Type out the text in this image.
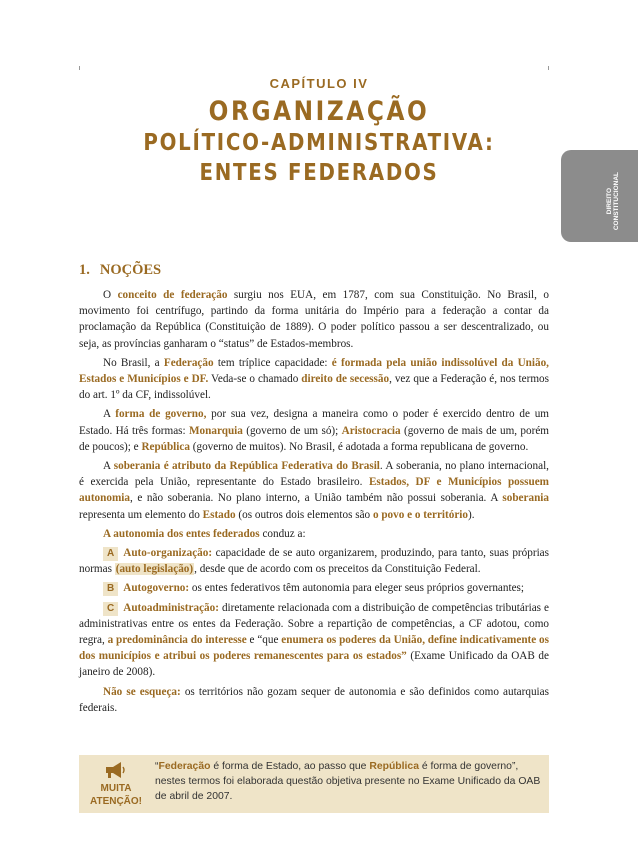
CAPÍTULO IV
ORGANIZAÇÃO
POLÍTICO-ADMINISTRATIVA:
ENTES FEDERADOS
DIREITO CONSTITUCIONAL
1. NOÇÕES

O conceito de federação surgiu nos EUA, em 1787, com sua Constituição. No Brasil, o movimento foi centrífugo, partindo da forma unitária do Império para a federação a contar da proclamação da República (Constituição de 1889). O poder político passou a ser descentralizado, ou seja, as províncias ganharam o “status” de Estados-membros.

No Brasil, a Federação tem tríplice capacidade: é formada pela união indissolúvel da União, Estados e Municípios e DF. Veda-se o chamado direito de secessão, vez que a Federação é, nos termos do art. 1º da CF, indissolúvel.

A forma de governo, por sua vez, designa a maneira como o poder é exercido dentro de um Estado. Há três formas: Monarquia (governo de um só); Aristocracia (governo de mais de um, porém de poucos); e República (governo de muitos). No Brasil, é adotada a forma republicana de governo.

A soberania é atributo da República Federativa do Brasil. A soberania, no plano internacional, é exercida pela União, representante do Estado brasileiro. Estados, DF e Municípios possuem autonomia, e não soberania. No plano interno, a União também não possui soberania. A soberania representa um elemento do Estado (os outros dois elementos são o povo e o território).

A autonomia dos entes federados conduz a:

A Auto-organização: capacidade de se auto organizarem, produzindo, para tanto, suas próprias normas (auto legislação), desde que de acordo com os preceitos da Constituição Federal.

B Autogoverno: os entes federativos têm autonomia para eleger seus próprios governantes;

C Autoadministração: diretamente relacionada com a distribuição de competências tributárias e administrativas entre os entes da Federação. Sobre a repartição de competências, a CF adotou, como regra, a predominância do interesse e “que enumera os poderes da União, define indicativamente os dos municípios e atribui os poderes remanescentes para os estados” (Exame Unificado da OAB de janeiro de 2008).

Não se esqueça: os territórios não gozam sequer de autonomia e são definidos como autarquias federais.

MUITA
ATENÇÃO!
“Federação é forma de Estado, ao passo que República é forma de governo”, nestes termos foi elaborada questão objetiva presente no Exame Unificado da OAB de abril de 2007.
